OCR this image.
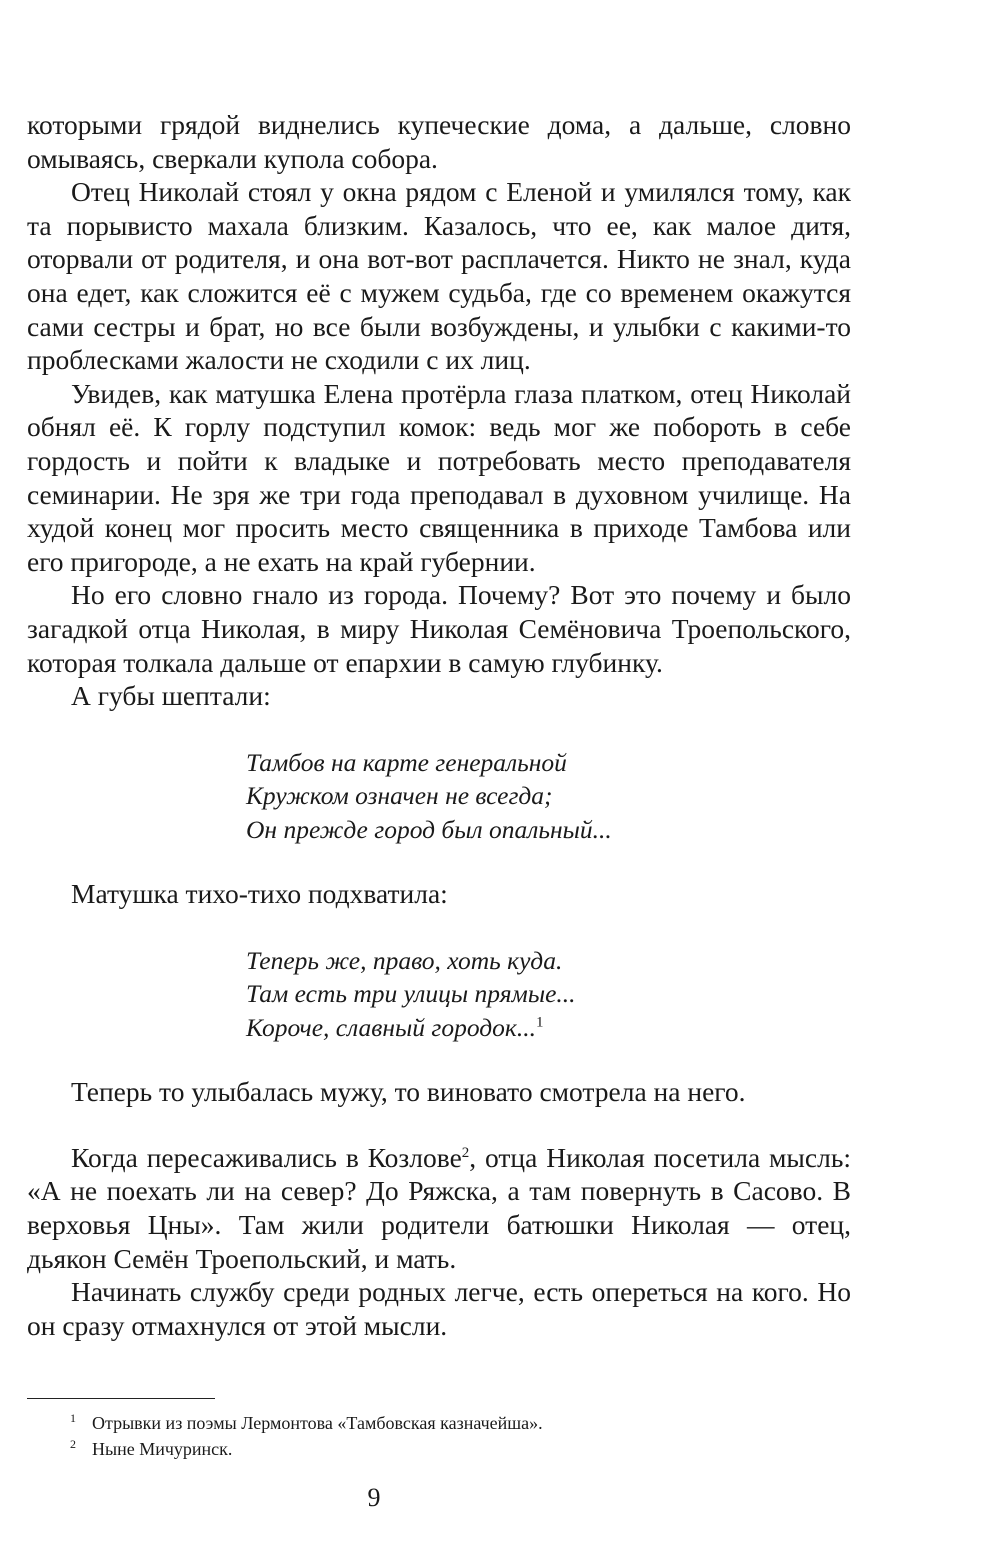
которыми грядой виднелись купеческие дома, а дальше, словно омываясь, сверкали купола собора.

Отец Николай стоял у окна рядом с Еленой и умилялся тому, как та порывисто махала близким. Казалось, что ее, как малое дитя, оторвали от родителя, и она вот-вот расплачется. Никто не знал, куда она едет, как сложится её с мужем судьба, где со временем окажутся сами сестры и брат, но все были возбуждены, и улыбки с какими-то проблесками жалости не сходили с их лиц.

Увидев, как матушка Елена протёрла глаза платком, отец Николай обнял её. К горлу подступил комок: ведь мог же побороть в себе гордость и пойти к владыке и потребовать место преподавателя семинарии. Не зря же три года преподавал в духовном училище. На худой конец мог просить место священника в приходе Тамбова или его пригороде, а не ехать на край губернии.

Но его словно гнало из города. Почему? Вот это почему и было загадкой отца Николая, в миру Николая Семёновича Троепольского, которая толкала дальше от епархии в самую глубинку.

А губы шептали:

Тамбов на карте генеральной
Кружком означен не всегда;
Он прежде город был опальный...

Матушка тихо-тихо подхватила:

Теперь же, право, хоть куда.
Там есть три улицы прямые...
Короче, славный городок...$^1$

Теперь то улыбалась мужу, то виновато смотрела на него.

Когда пересаживались в Козлове$^2$, отца Николая посетила мысль: «А не поехать ли на север? До Ряжска, а там повернуть в Сасово. В верховья Цны». Там жили родители батюшки Николая — отец, дьякон Семён Троепольский, и мать.

Начинать службу среди родных легче, есть опереться на кого. Но он сразу отмахнулся от этой мысли.

1 Отрывки из поэмы Лермонтова «Тамбовская казначейша».
2 Ныне Мичуринск.
9
